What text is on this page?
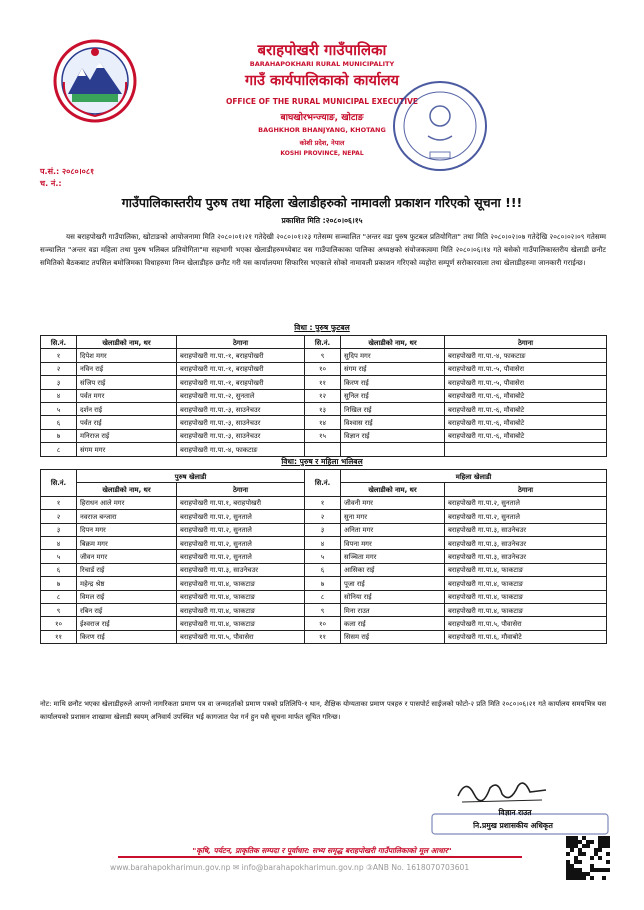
बराहपोखरी गाउँपालिका
BARAHAPOKHARI RURAL MUNICIPALITY
गाउँ कार्यपालिकाको कार्यालय
OFFICE OF THE RURAL MUNICIPAL EXECUTIVE
बाघखोरभन्ज्याङ, खोटाङ
BAGHKHOR BHANJYANG, KHOTANG
कोशी प्रदेश, नेपाल
KOSHI PROVINCE, NEPAL
प.सं.: २०८०।०८१
च. नं.:
गाउँपालिकास्तरीय पुरुष तथा महिला खेलाडीहरुको नामावली प्रकाशन गरिएको सूचना !!!
प्रकाशित मिति :२०८०।०६।१५
यस बराहपोखरी गाउँपालिका, खोटाङको आयोजनामा मिति २०८०।०१।२१ गतेदेखी २०८०।०१।२३ गतेसम्म सञ्चालित "अन्तर वडा पुरुष फुटबल प्रतियोगिता" तथा मिति २०८०।०२।०७ गतेदेखि २०८०।०२।०९ गतेसम्म सञ्चालित "अन्तर वडा महिला तथा पुरुष भलिबल प्रतियोगिता"मा सहभागी भएका खेलाडीहरुमध्येबाट यस गाउँपालिकाका पालिका अध्यक्षको संयोजकत्वमा मिति २०८०।०६।१४ गते बसेको गाउँपालिकास्तरीय खेलाडी छनौट समितिको बैठकबाट तपसिल बमोजिमका विधाहरुमा निम्न खेलाडीहरु छनौट गरी यस कार्यालयमा सिफारिस भएकाले सोको नामावली प्रकाशन गरिएको व्यहोरा सम्पूर्ण सरोकारवाला तथा खेलाडीहरुमा जानकारी गराईन्छ।
विधा : पुरुष फुटबल
सि.नं.	खेलाडीको नाम, थर	ठेगाना	सि.नं.	खेलाडीको नाम, थर	ठेगाना
१	दिपेश मगर	बराहपोखरी गा.पा.-१, बराहपोखरी	९	सुदिप मगर	बराहपोखरी गा.पा.-४, फाकटाङ
२	नविन राई	बराहपोखरी गा.पा.-१, बराहपोखरी	१०	संगम राई	बराहपोखरी गा.पा.-५, पौवासेरा
३	संजिप राई	बराहपोखरी गा.पा.-१, बराहपोखरी	११	किरण राई	बराहपोखरी गा.पा.-५, पौवासेरा
४	पर्वत मगर	बराहपोखरी गा.पा.-२, सुनताले	१२	सुनिल राई	बराहपोखरी गा.पा.-६, मौवाबोटे
५	दर्शन राई	बराहपोखरी गा.पा.-३, साउनेचउर	१३	निखिल राई	बराहपोखरी गा.पा.-६, मौवाबोटे
६	पर्वत राई	बराहपोखरी गा.पा.-३, साउनेचउर	१४	विश्वास राई	बराहपोखरी गा.पा.-६, मौवाबोटे
७	मनिराज राई	बराहपोखरी गा.पा.-३, साउनेचउर	१५	विज्ञान राई	बराहपोखरी गा.पा.-६, मौवाबोटे
८	संगम मगर	बराहपोखरी गा.पा.-४, फाकटाङ			
विधा: पुरुष र महिला भलिबल
सि.नं.	पुरुष खेलाडी		सि.नं.	महिला खेलाडी	
	खेलाडीको नाम, थर	ठेगाना		खेलाडीको नाम, थर	ठेगाना
१	हिराधन आले मगर	बराहपोखरी गा.पा.१, बराहपोखरी	१	जीवनी मगर	बराहपोखरी गा.पा.२, सुनताले
२	नवराज बन्जारा	बराहपोखरी गा.पा.२, सुनताले	२	सुना मगर	बराहपोखरी गा.पा.२, सुनताले
३	दिपन मगर	बराहपोखरी गा.पा.२, सुनताले	३	अनिता मगर	बराहपोखरी गा.पा.३, साउनेचउर
४	बिक्रम मगर	बराहपोखरी गा.पा.२, सुनताले	४	विपना मगर	बराहपोखरी गा.पा.३, साउनेचउर
५	जीवन मगर	बराहपोखरी गा.पा.२, सुनताले	५	सञ्चिता मगर	बराहपोखरी गा.पा.३, साउनेचउर
६	रिचार्ड राई	बराहपोखरी गा.पा.३, साउनेचउर	६	आसिका राई	बराहपोखरी गा.पा.४, फाकटाङ
७	महेन्द्र श्रेष्ठ	बराहपोखरी गा.पा.४, फाकटाङ	७	पूजा राई	बराहपोखरी गा.पा.४, फाकटाङ
८	विमल राई	बराहपोखरी गा.पा.४, फाकटाङ	८	सोनिया राई	बराहपोखरी गा.पा.४, फाकटाङ
९	रबिन राई	बराहपोखरी गा.पा.४, फाकटाङ	९	मिना राउत	बराहपोखरी गा.पा.४, फाकटाङ
१०	ईश्वराज राई	बराहपोखरी गा.पा.४, फाकटाङ	१०	कला राई	बराहपोखरी गा.पा.५, पौवासेरा
११	किरण राई	बराहपोखरी गा.पा.५, पौवासेरा	११	सिसम राई	बराहपोखरी गा.पा.६, मौवाबोटे
नोट: माथि छनौट भएका खेलाडीहरुले आफ्नो नागरिकता प्रमाण पत्र वा जन्मदर्ताको प्रमाण पत्रको प्रतिलिपि-१ थान, शैक्षिक योग्यताका प्रमाण पत्रहरु र पासपोर्ट साईजको फोटो-२ प्रति मिति २०८०।०६।२१ गते कार्यालय समयभित्र यस कार्यालयको प्रशासन शाखामा खेलाडी स्वयम् अनिवार्य उपस्थित भई कागजात पेश गर्न हुन यसै सूचना मार्फत सूचित गरिन्छ।
विज्ञान राउत
नि.प्रमुख प्रशासकीय अधिकृत
"कृषि, पर्यटन, प्राकृतिक सम्पदा र पूर्वाधार: सभ्य समृद्ध बराहपोखरी गाउँपालिकाको मूल आधार"
www.barahapokharimun.gov.np ✉ info@barahapokharimun.gov.np ③ANB No. 1618070703601
